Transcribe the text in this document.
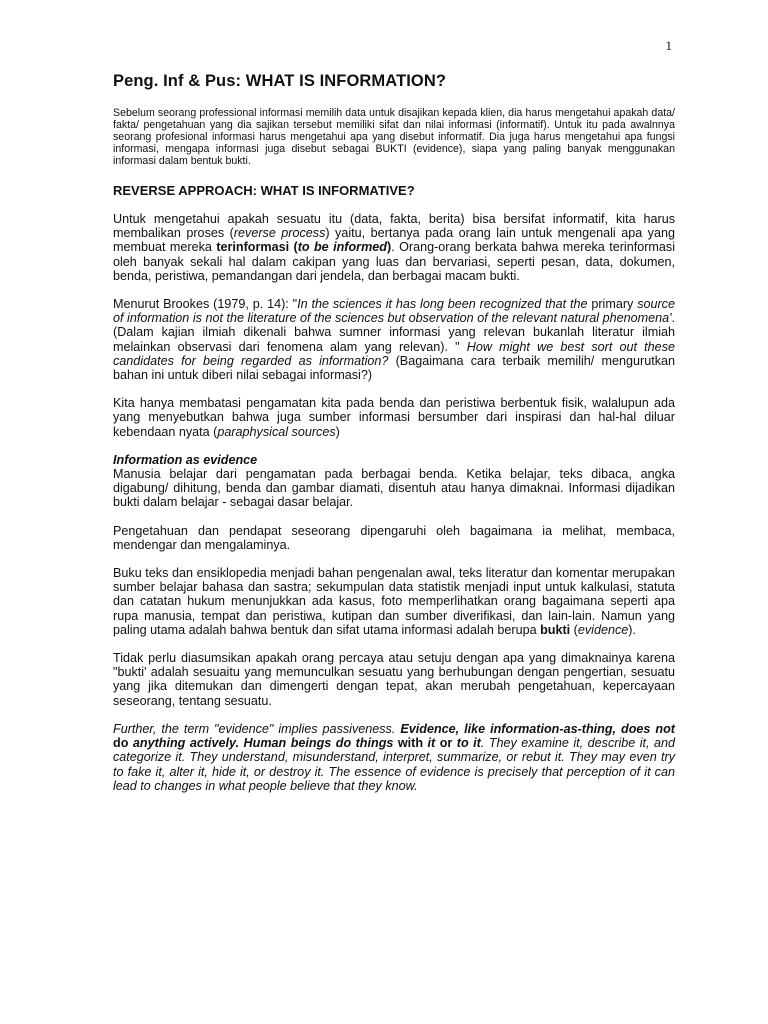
1
Peng. Inf & Pus: WHAT IS INFORMATION?
Sebelum seorang professional informasi memilih data untuk disajikan kepada klien, dia harus mengetahui apakah data/ fakta/ pengetahuan yang dia sajikan tersebut memiliki sifat dan nilai informasi (informatif). Untuk itu pada awalnnya seorang profesional informasi harus mengetahui apa yang disebut informatif. Dia juga harus mengetahui apa fungsi informasi, mengapa informasi juga disebut sebagai BUKTI (evidence), siapa yang paling banyak menggunakan informasi dalam bentuk bukti.
REVERSE APPROACH: WHAT IS INFORMATIVE?

Untuk mengetahui apakah sesuatu itu (data, fakta, berita) bisa bersifat informatif, kita harus membalikan proses (reverse process) yaitu, bertanya pada orang lain untuk mengenali apa yang membuat mereka terinformasi (to be informed). Orang-orang berkata bahwa mereka terinformasi oleh banyak sekali hal dalam cakipan yang luas dan bervariasi, seperti pesan, data, dokumen, benda, peristiwa, pemandangan dari jendela, dan berbagai macam bukti.

Menurut Brookes (1979, p. 14): "In the sciences it has long been recognized that the primary source of information is not the literature of the sciences but observation of the relevant natural phenomena'. (Dalam kajian ilmiah dikenali bahwa sumner informasi yang relevan bukanlah literatur ilmiah melainkan observasi dari fenomena alam yang relevan). " How might we best sort out these candidates for being regarded as information? (Bagaimana cara terbaik memilih/ mengurutkan bahan ini untuk diberi nilai sebagai informasi?)

Kita hanya membatasi pengamatan kita pada benda dan peristiwa berbentuk fisik, walalupun ada yang menyebutkan bahwa juga sumber informasi bersumber dari inspirasi dan hal-hal diluar kebendaan nyata (paraphysical sources)

Information as evidence

Manusia belajar dari pengamatan pada berbagai benda. Ketika belajar, teks dibaca, angka digabung/ dihitung, benda dan gambar diamati, disentuh atau hanya dimaknai. Informasi dijadikan bukti dalam belajar - sebagai dasar belajar.

Pengetahuan dan pendapat seseorang dipengaruhi oleh bagaimana ia melihat, membaca, mendengar dan mengalaminya.

Buku teks dan ensiklopedia menjadi bahan pengenalan awal, teks literatur dan komentar merupakan sumber belajar bahasa dan sastra; sekumpulan data statistik menjadi input untuk kalkulasi, statuta dan catatan hukum menunjukkan ada kasus, foto memperlihatkan orang bagaimana seperti apa rupa manusia, tempat dan peristiwa, kutipan dan sumber diverifikasi, dan lain-lain. Namun yang paling utama adalah bahwa bentuk dan sifat utama informasi adalah berupa bukti (evidence).

Tidak perlu diasumsikan apakah orang percaya atau setuju dengan apa yang dimaknainya karena "bukti' adalah sesuaitu yang memunculkan sesuatu yang berhubungan dengan pengertian, sesuatu yang jika ditemukan dan dimengerti dengan tepat, akan merubah pengetahuan, kepercayaan seseorang, tentang sesuatu.

Further, the term "evidence" implies passiveness. Evidence, like information-as-thing, does not do anything actively. Human beings do things with it or to it. They examine it, describe it, and categorize it. They understand, misunderstand, interpret, summarize, or rebut it. They may even try to fake it, alter it, hide it, or destroy it. The essence of evidence is precisely that perception of it can lead to changes in what people believe that they know.
